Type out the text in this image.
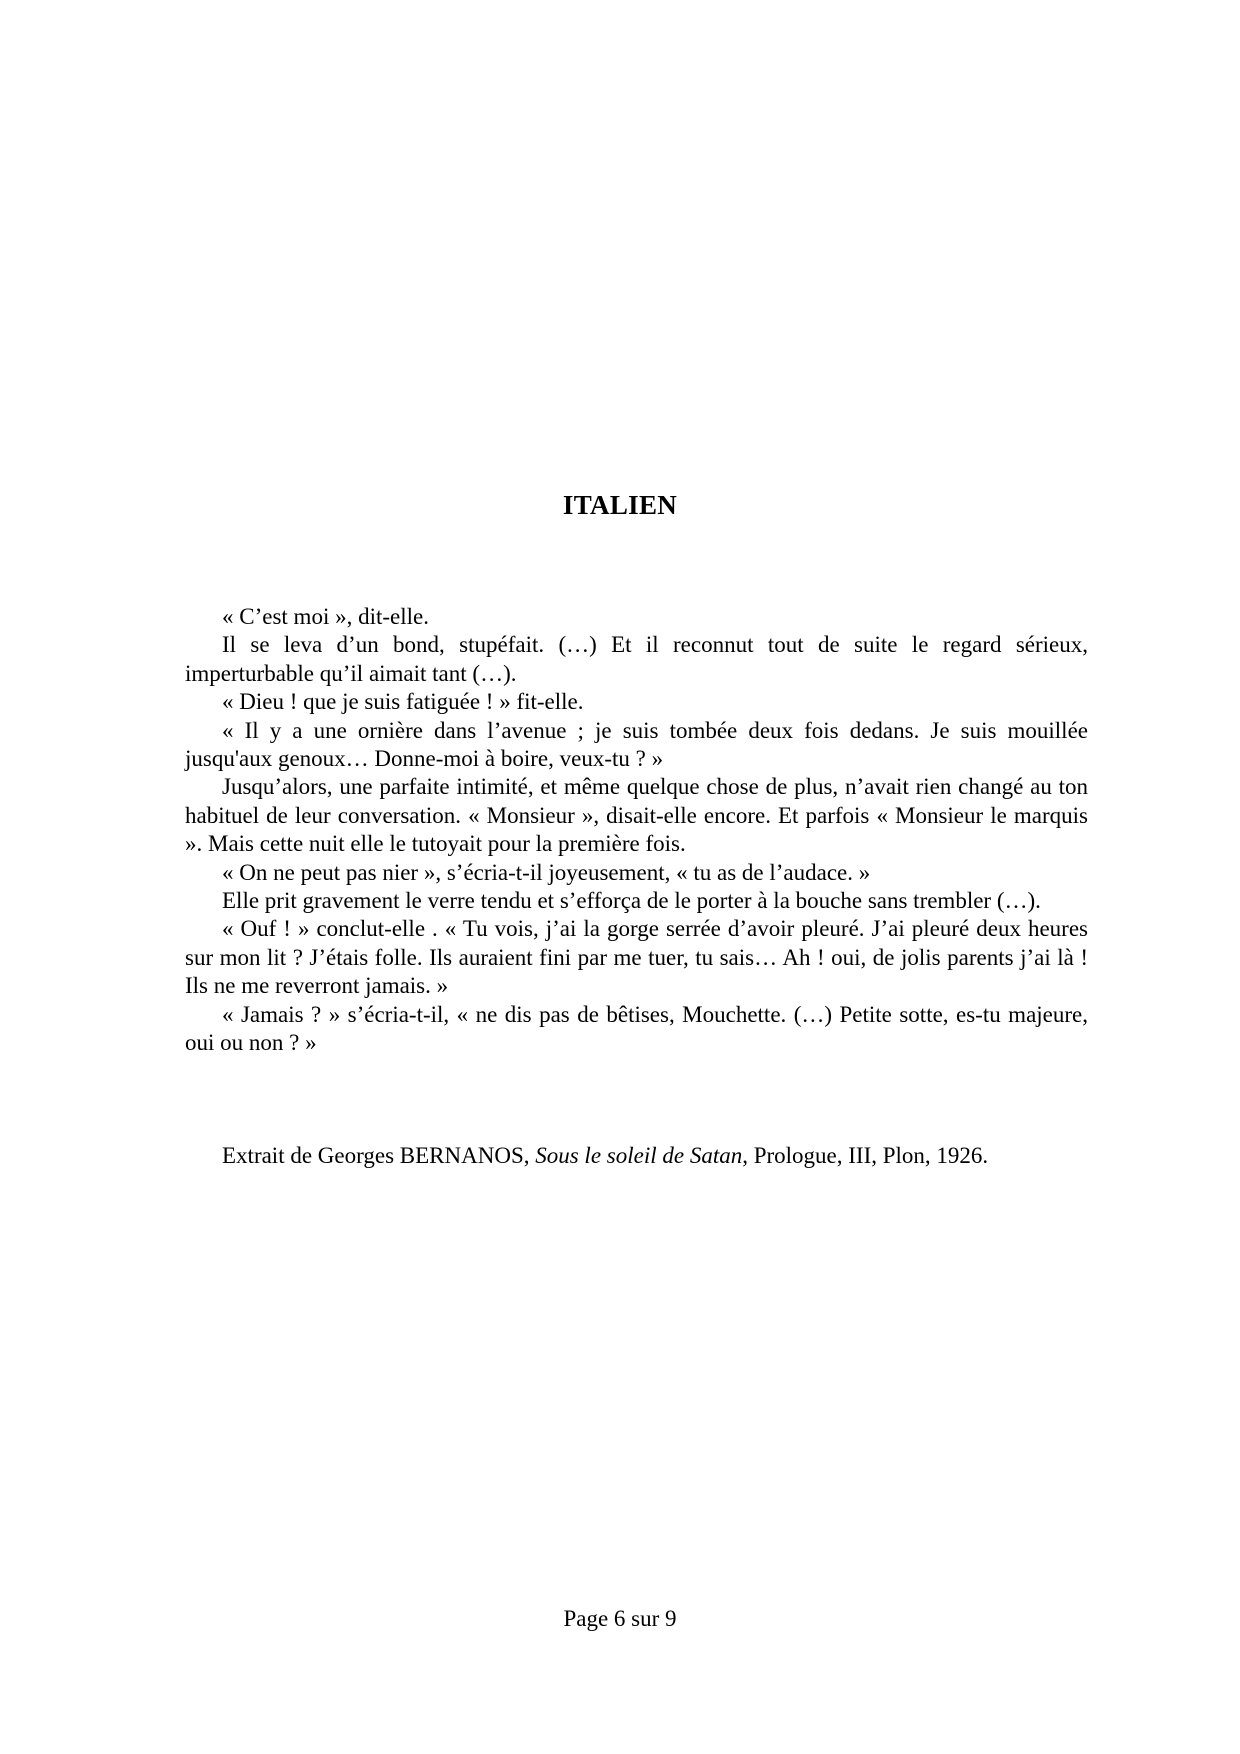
ITALIEN

« C’est moi », dit-elle.

Il se leva d’un bond, stupéfait. (…) Et il reconnut tout de suite le regard sérieux, imperturbable qu’il aimait tant (…).

« Dieu ! que je suis fatiguée ! » fit-elle.

« Il y a une ornière dans l’avenue ; je suis tombée deux fois dedans. Je suis mouillée jusqu'aux genoux… Donne-moi à boire, veux-tu ? »

Jusqu’alors, une parfaite intimité, et même quelque chose de plus, n’avait rien changé au ton habituel de leur conversation. « Monsieur », disait-elle encore. Et parfois « Monsieur le marquis ». Mais cette nuit elle le tutoyait pour la première fois.

« On ne peut pas nier », s’écria-t-il joyeusement, « tu as de l’audace. »

Elle prit gravement le verre tendu et s’efforça de le porter à la bouche sans trembler (…).

« Ouf ! » conclut-elle . « Tu vois, j’ai la gorge serrée d’avoir pleuré. J’ai pleuré deux heures sur mon lit ? J’étais folle. Ils auraient fini par me tuer, tu sais… Ah ! oui, de jolis parents j’ai là ! Ils ne me reverront jamais. »

« Jamais ? » s’écria-t-il, « ne dis pas de bêtises, Mouchette. (…) Petite sotte, es-tu majeure, oui ou non ? »

Extrait de Georges BERNANOS, Sous le soleil de Satan, Prologue, III, Plon, 1926.
Page 6 sur 9
